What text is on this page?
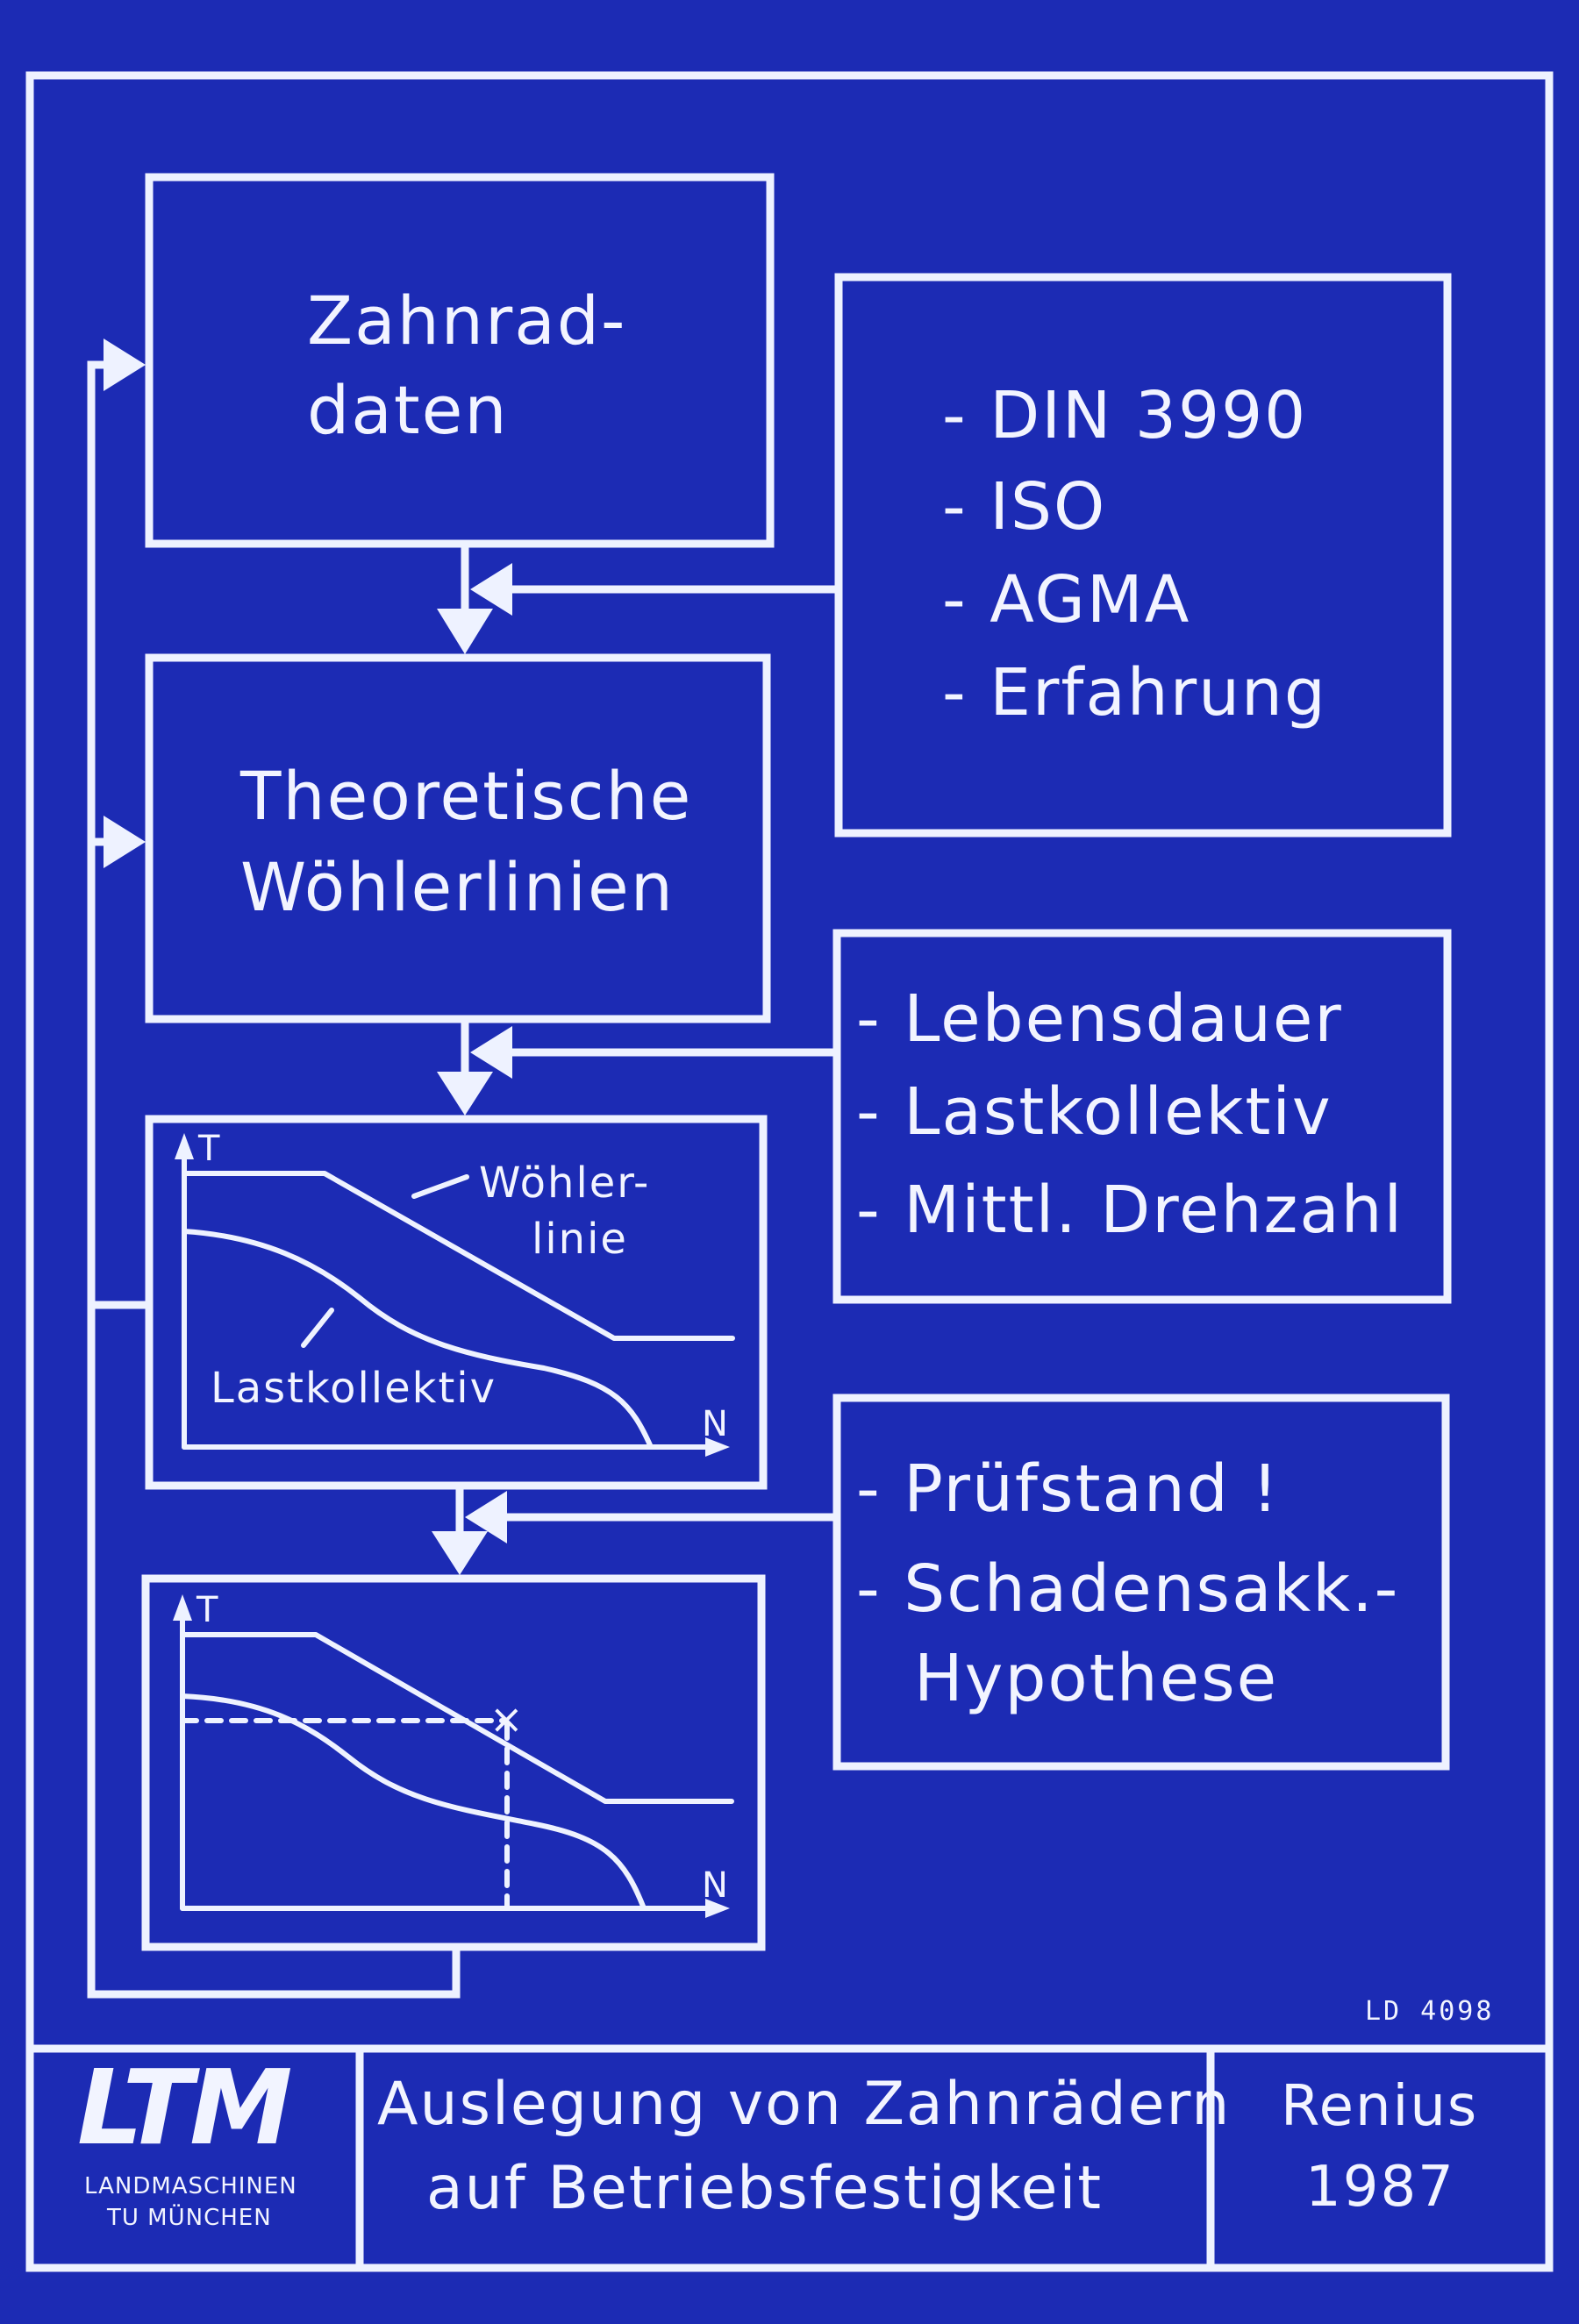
Zahnrad-
daten
Theoretische
Wöhlerlinien
- DIN 3990
- ISO
- AGMA
- Erfahrung
- Lebensdauer
- Lastkollektiv
- Mittl. Drehzahl
- Prüfstand !
- Schadensakk.-
Hypothese
T
N
Wöhler-
linie
Lastkollektiv
T
N
×
LD 4098
LTM
LANDMASCHINEN
TU MÜNCHEN
Auslegung von Zahnrädern
auf Betriebsfestigkeit
Renius
1987
